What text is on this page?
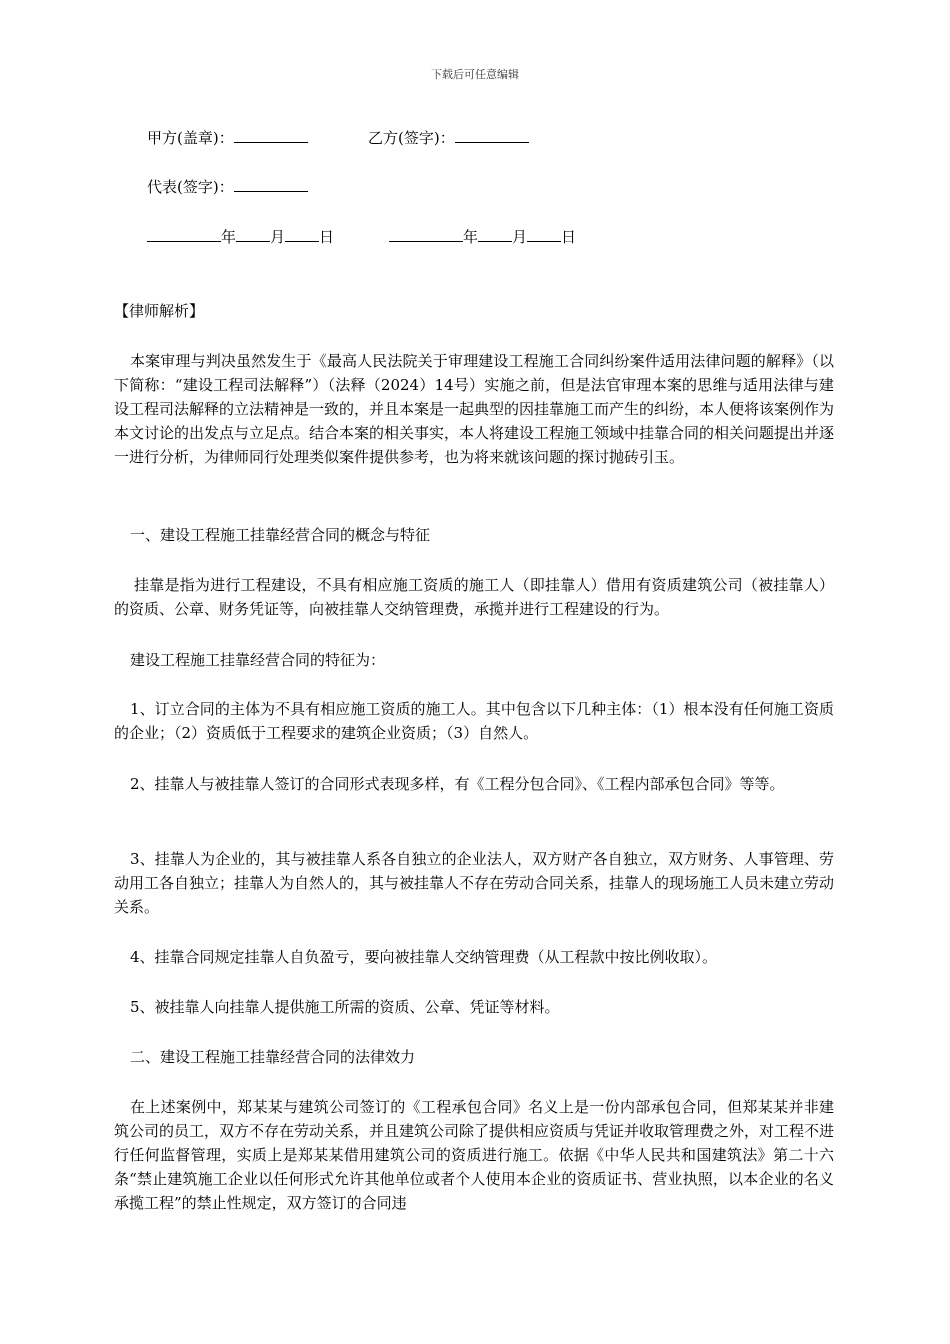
下载后可任意编辑
甲方(盖章)：	乙方(签字)：
代表(签字)：
年 月 日	年 月 日
【律师解析】

本案审理与判决虽然发生于《最高人民法院关于审理建设工程施工合同纠纷案件适用法律问题的解释》（以下简称：“建设工程司法解释”）（法释（2024）14号）实施之前，但是法官审理本案的思维与适用法律与建设工程司法解释的立法精神是一致的，并且本案是一起典型的因挂靠施工而产生的纠纷，本人便将该案例作为本文讨论的出发点与立足点。结合本案的相关事实，本人将建设工程施工领域中挂靠合同的相关问题提出并逐一进行分析，为律师同行处理类似案件提供参考，也为将来就该问题的探讨抛砖引玉。

一、建设工程施工挂靠经营合同的概念与特征

挂靠是指为进行工程建设，不具有相应施工资质的施工人（即挂靠人）借用有资质建筑公司（被挂靠人）的资质、公章、财务凭证等，向被挂靠人交纳管理费，承揽并进行工程建设的行为。

建设工程施工挂靠经营合同的特征为：

1、订立合同的主体为不具有相应施工资质的施工人。其中包含以下几种主体：（1）根本没有任何施工资质的企业；（2）资质低于工程要求的建筑企业资质；（3）自然人。

2、挂靠人与被挂靠人签订的合同形式表现多样，有《工程分包合同》、《工程内部承包合同》等等。

3、挂靠人为企业的，其与被挂靠人系各自独立的企业法人，双方财产各自独立，双方财务、人事管理、劳动用工各自独立；挂靠人为自然人的，其与被挂靠人不存在劳动合同关系，挂靠人的现场施工人员未建立劳动关系。

4、挂靠合同规定挂靠人自负盈亏，要向被挂靠人交纳管理费（从工程款中按比例收取）。

5、被挂靠人向挂靠人提供施工所需的资质、公章、凭证等材料。

二、建设工程施工挂靠经营合同的法律效力

在上述案例中，郑某某与建筑公司签订的《工程承包合同》名义上是一份内部承包合同，但郑某某并非建筑公司的员工，双方不存在劳动关系，并且建筑公司除了提供相应资质与凭证并收取管理费之外，对工程不进行任何监督管理，实质上是郑某某借用建筑公司的资质进行施工。依据《中华人民共和国建筑法》第二十六条“禁止建筑施工企业以任何形式允许其他单位或者个人使用本企业的资质证书、营业执照，以本企业的名义承揽工程”的禁止性规定，双方签订的合同违
